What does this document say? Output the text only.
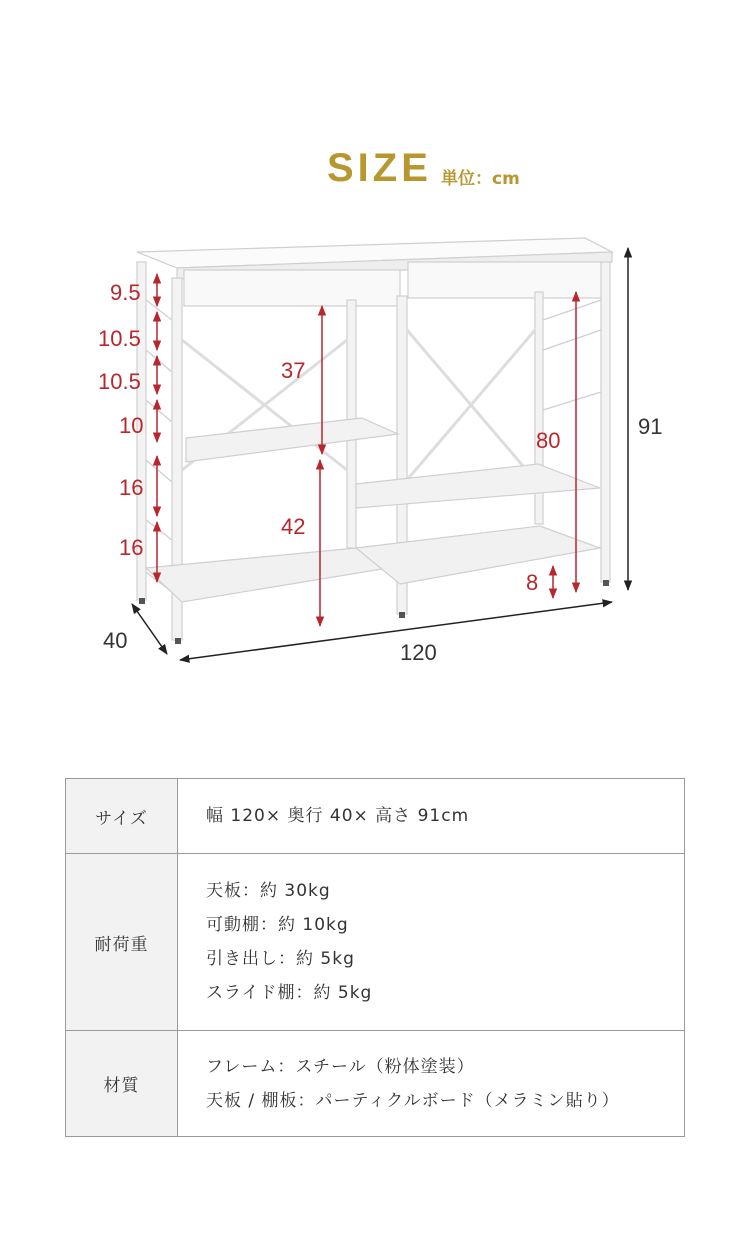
SIZE 単位：cm
9.5
10.5
10.5
10
16
16
37
42
80
8
91
40	120
サイズ	幅 120× 奥行 40× 高さ 91cm

耐荷重	天板：約 30kg
可動棚：約 10kg
引き出し：約 5kg
スライド棚：約 5kg

材質	フレーム：スチール（粉体塗装）
天板 / 棚板：パーティクルボード（メラミン貼り）
